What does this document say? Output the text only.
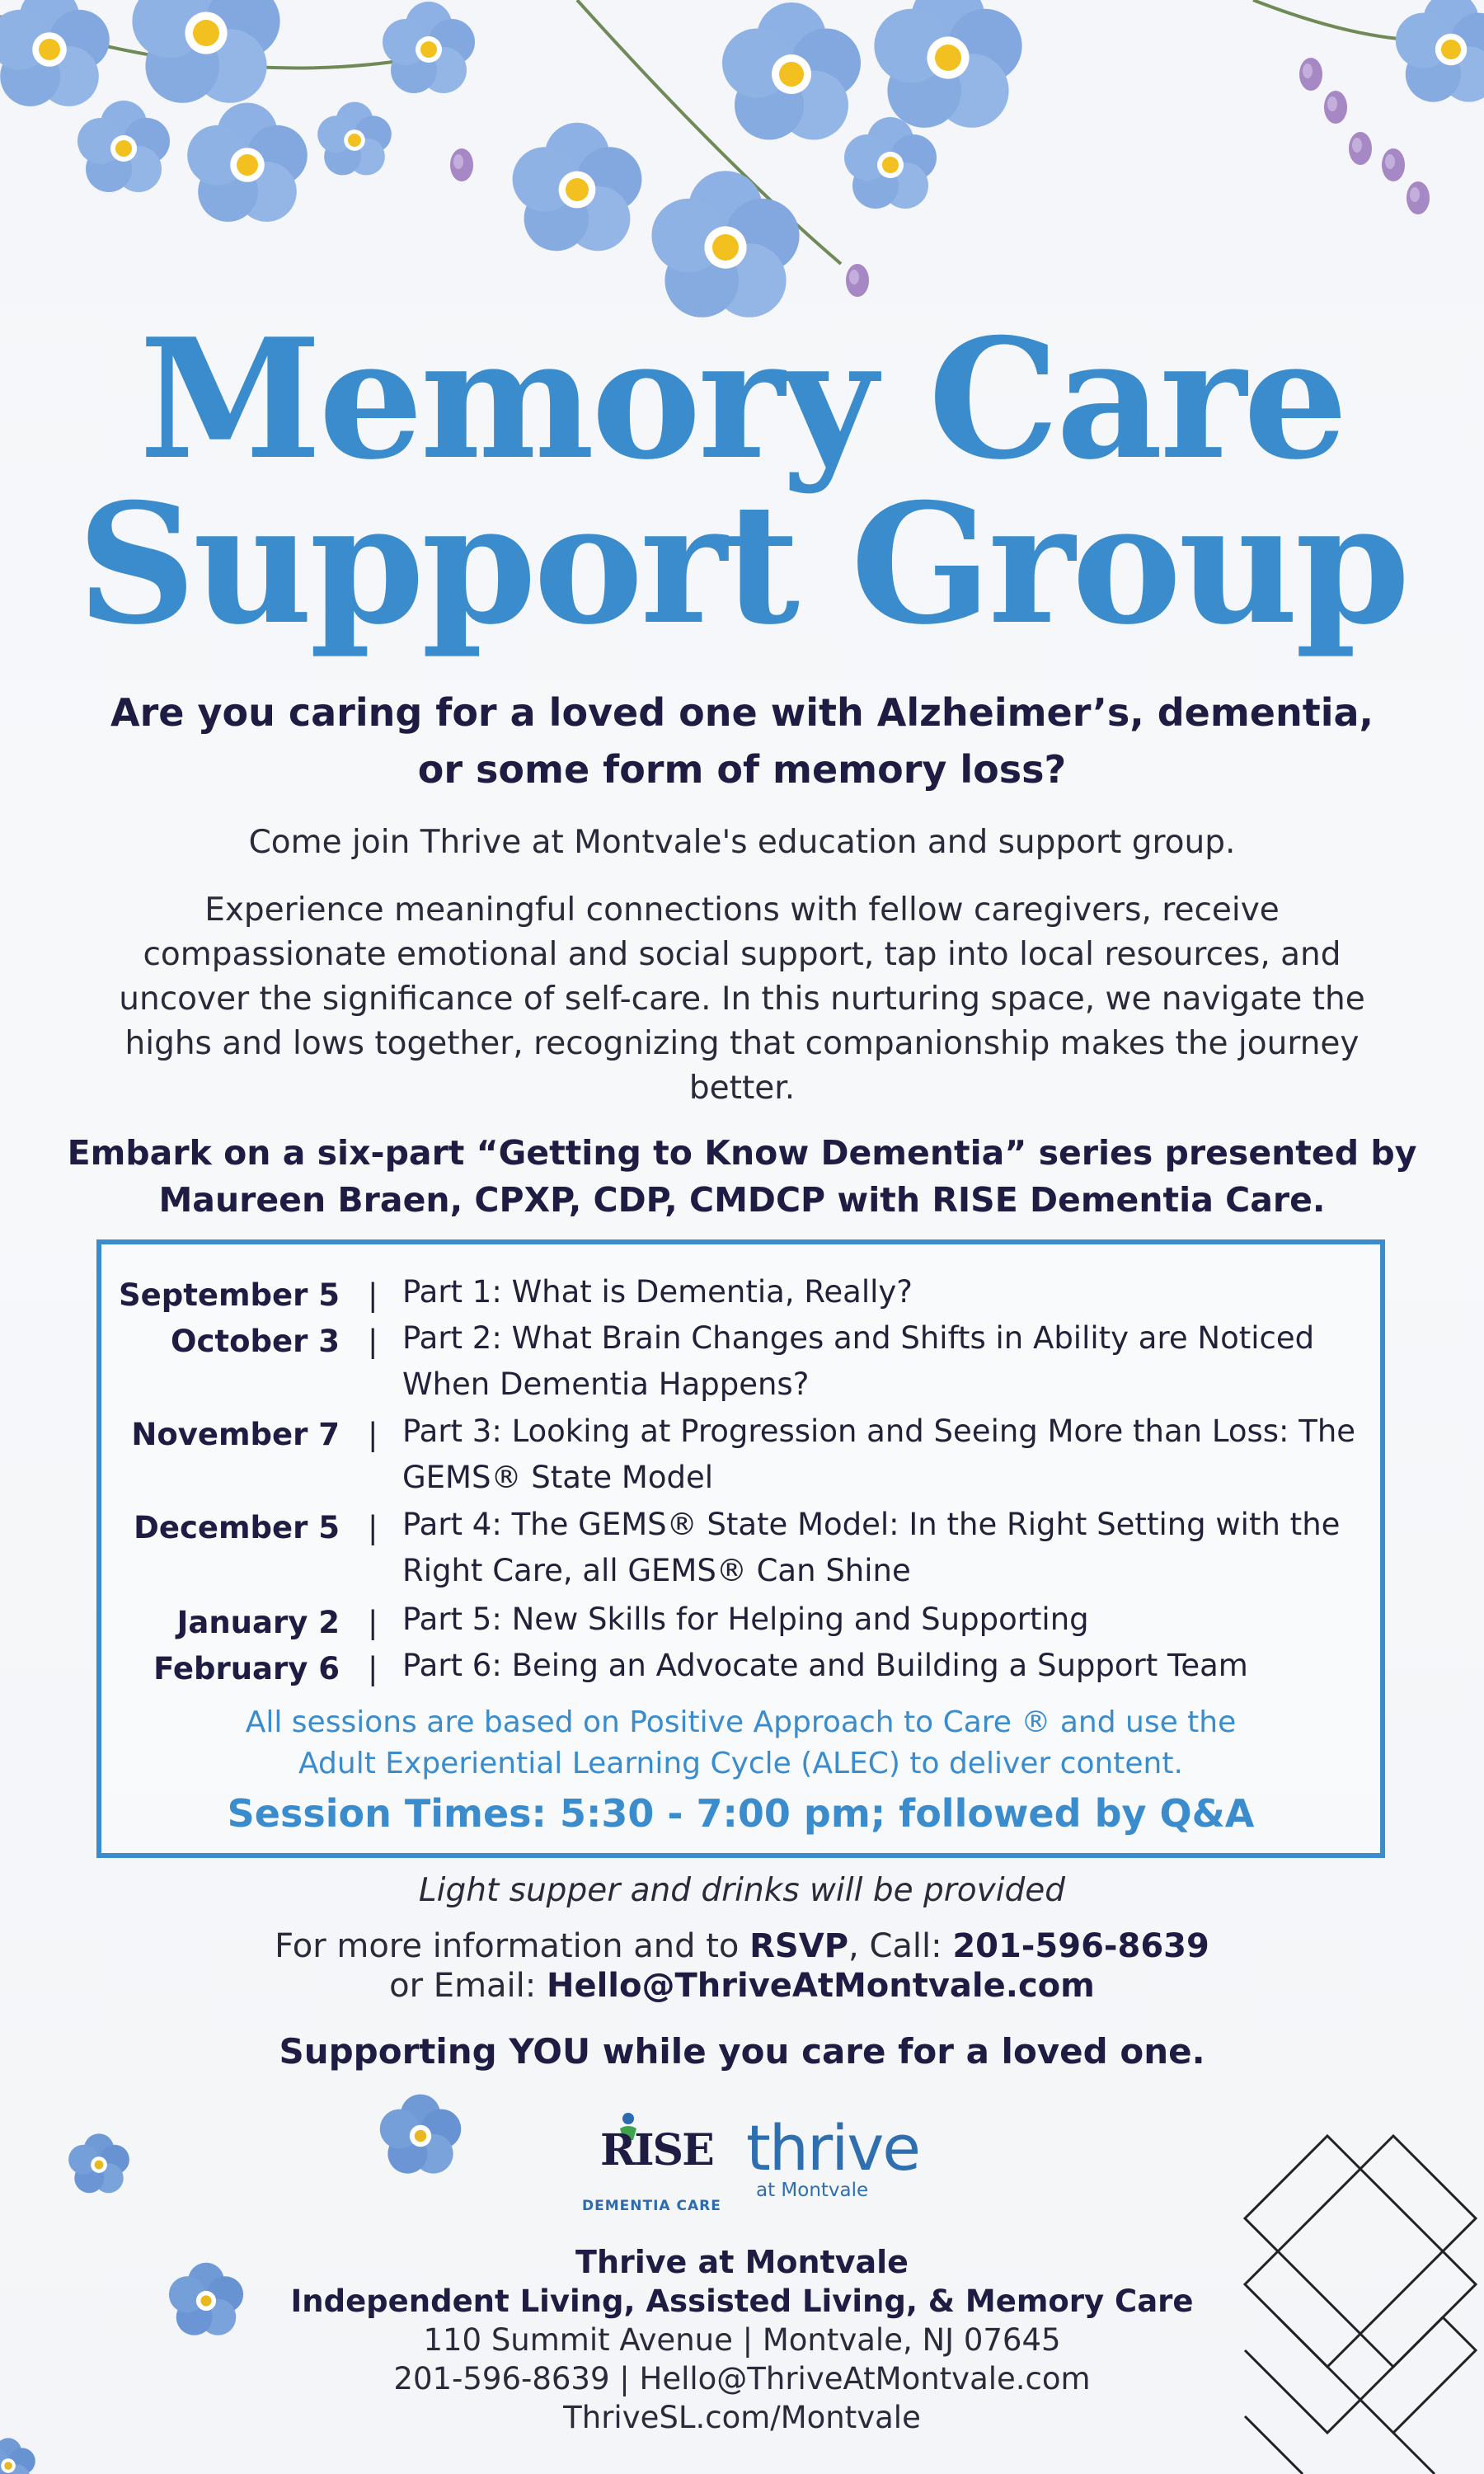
Memory Care
Support Group

Are you caring for a loved one with Alzheimer’s, dementia, or some form of memory loss?

Come join Thrive at Montvale's education and support group.

Experience meaningful connections with fellow caregivers, receive compassionate emotional and social support, tap into local resources, and uncover the significance of self-care. In this nurturing space, we navigate the highs and lows together, recognizing that companionship makes the journey better.

Embark on a six-part “Getting to Know Dementia” series presented by Maureen Braen, CPXP, CDP, CMDCP with RISE Dementia Care.

September 5 | Part 1: What is Dementia, Really?
October 3 | Part 2: What Brain Changes and Shifts in Ability are Noticed When Dementia Happens?
November 7 | Part 3: Looking at Progression and Seeing More than Loss: The GEMS® State Model
December 5 | Part 4: The GEMS® State Model: In the Right Setting with the Right Care, all GEMS® Can Shine
January 2 | Part 5: New Skills for Helping and Supporting
February 6 | Part 6: Being an Advocate and Building a Support Team

All sessions are based on Positive Approach to Care ® and use the
Adult Experiential Learning Cycle (ALEC) to deliver content.

Session Times: 5:30 - 7:00 pm; followed by Q&A

Light supper and drinks will be provided

For more information and to RSVP, Call: 201-596-8639
or Email: Hello@ThriveAtMontvale.com

Supporting YOU while you care for a loved one.

RISE
DEMENTIA CARE
thrive
at Montvale
Thrive at Montvale
Independent Living, Assisted Living, & Memory Care
110 Summit Avenue | Montvale, NJ 07645
201-596-8639 | Hello@ThriveAtMontvale.com
ThriveSL.com/Montvale
